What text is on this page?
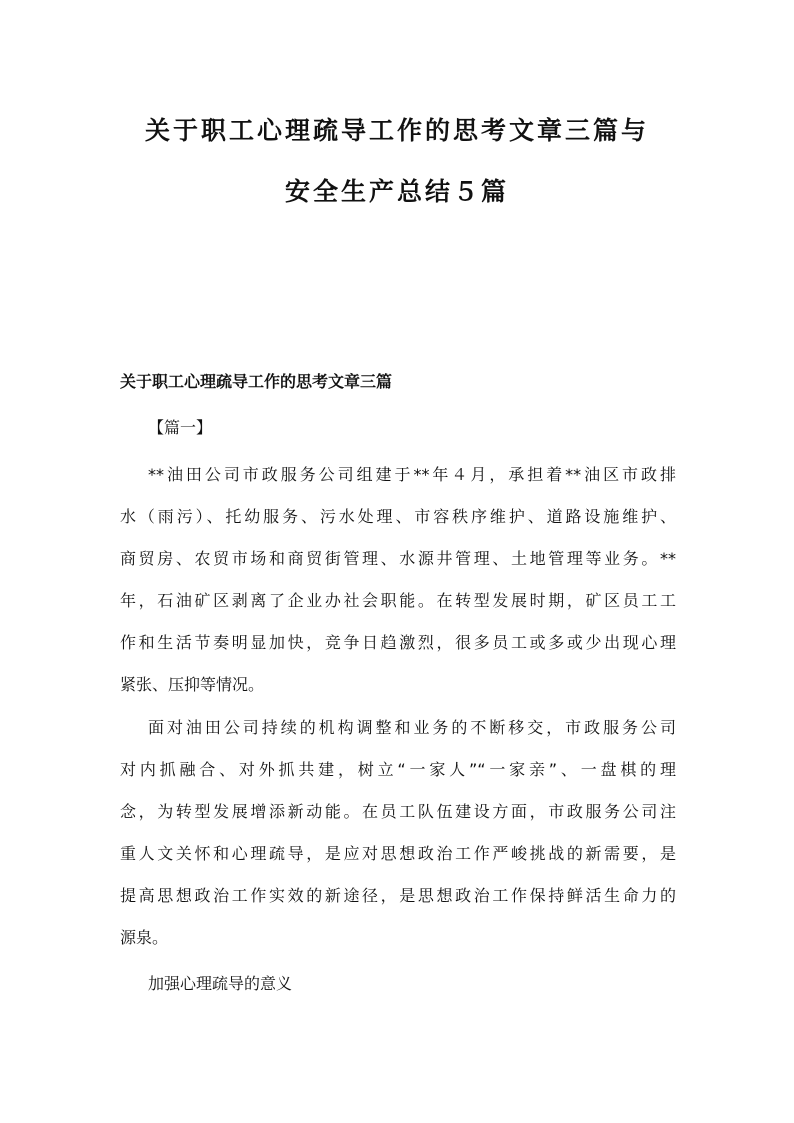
关于职工心理疏导工作的思考文章三篇与
安全生产总结５篇
关于职工心理疏导工作的思考文章三篇

【篇一】

**油田公司市政服务公司组建于**年４月，承担着**油区市政排
水（雨污）、托幼服务、污水处理、市容秩序维护、道路设施维护、
商贸房、农贸市场和商贸街管理、水源井管理、土地管理等业务。**
年，石油矿区剥离了企业办社会职能。在转型发展时期，矿区员工工
作和生活节奏明显加快，竞争日趋激烈，很多员工或多或少出现心理
紧张、压抑等情况。
面对油田公司持续的机构调整和业务的不断移交，市政服务公司
对内抓融合、对外抓共建，树立“一家人”“一家亲”、一盘棋的理
念，为转型发展增添新动能。在员工队伍建设方面，市政服务公司注
重人文关怀和心理疏导，是应对思想政治工作严峻挑战的新需要，是
提高思想政治工作实效的新途径，是思想政治工作保持鲜活生命力的
源泉。

加强心理疏导的意义
